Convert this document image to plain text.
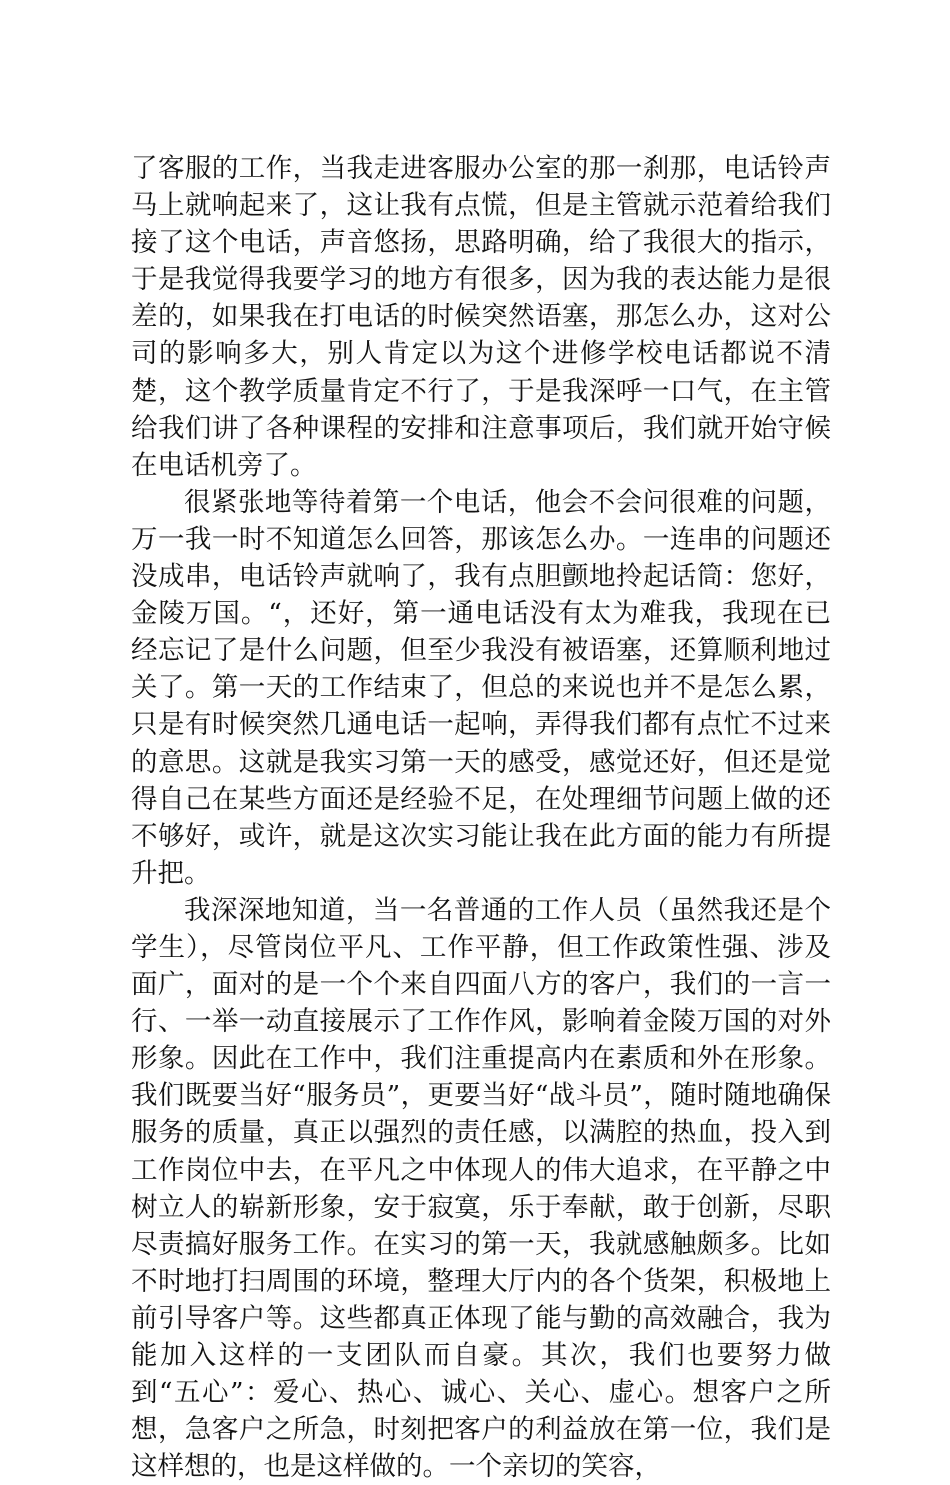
了客服的工作，当我走进客服办公室的那一刹那，电话铃声马上就响起来了，这让我有点慌，但是主管就示范着给我们接了这个电话，声音悠扬，思路明确，给了我很大的指示，于是我觉得我要学习的地方有很多，因为我的表达能力是很差的，如果我在打电话的时候突然语塞，那怎么办，这对公司的影响多大，别人肯定以为这个进修学校电话都说不清楚，这个教学质量肯定不行了，于是我深呼一口气，在主管给我们讲了各种课程的安排和注意事项后，我们就开始守候在电话机旁了。

很紧张地等待着第一个电话，他会不会问很难的问题，万一我一时不知道怎么回答，那该怎么办。一连串的问题还没成串，电话铃声就响了，我有点胆颤地拎起话筒：您好，金陵万国。“，还好，第一通电话没有太为难我，我现在已经忘记了是什么问题，但至少我没有被语塞，还算顺利地过关了。第一天的工作结束了，但总的来说也并不是怎么累，只是有时候突然几通电话一起响，弄得我们都有点忙不过来的意思。这就是我实习第一天的感受，感觉还好，但还是觉得自己在某些方面还是经验不足，在处理细节问题上做的还不够好，或许，就是这次实习能让我在此方面的能力有所提升把。

我深深地知道，当一名普通的工作人员（虽然我还是个学生），尽管岗位平凡、工作平静，但工作政策性强、涉及面广，面对的是一个个来自四面八方的客户，我们的一言一行、一举一动直接展示了工作作风，影响着金陵万国的对外形象。因此在工作中，我们注重提高内在素质和外在形象。我们既要当好“服务员”，更要当好“战斗员”，随时随地确保服务的质量，真正以强烈的责任感，以满腔的热血，投入到工作岗位中去，在平凡之中体现人的伟大追求，在平静之中树立人的崭新形象，安于寂寞，乐于奉献，敢于创新，尽职尽责搞好服务工作。在实习的第一天，我就感触颇多。比如不时地打扫周围的环境，整理大厅内的各个货架，积极地上前引导客户等。这些都真正体现了能与勤的高效融合，我为能加入这样的一支团队而自豪。其次，我们也要努力做到“五心”：爱心、热心、诚心、关心、虚心。想客户之所想，急客户之所急，时刻把客户的利益放在第一位，我们是这样想的，也是这样做的。一个亲切的笑容，
